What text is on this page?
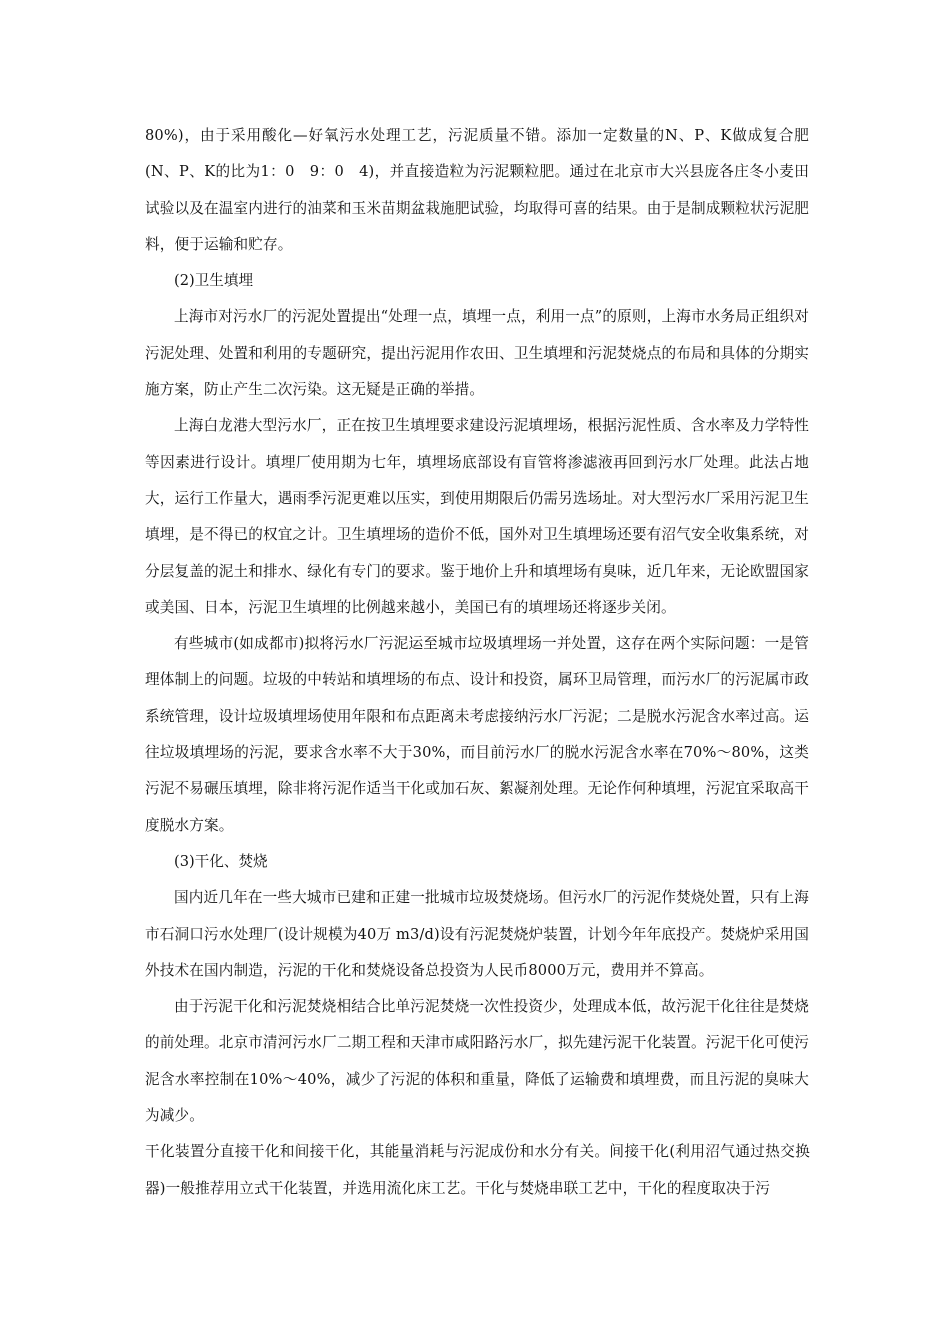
80%)，由于采用酸化—好氧污水处理工艺，污泥质量不错。添加一定数量的N、P、K做成复合肥(N、P、K的比为1：0　9：0　4)，并直接造粒为污泥颗粒肥。通过在北京市大兴县庞各庄冬小麦田试验以及在温室内进行的油菜和玉米苗期盆栽施肥试验，均取得可喜的结果。由于是制成颗粒状污泥肥料，便于运输和贮存。

(2)卫生填埋

上海市对污水厂的污泥处置提出“处理一点，填埋一点，利用一点”的原则，上海市水务局正组织对污泥处理、处置和利用的专题研究，提出污泥用作农田、卫生填埋和污泥焚烧点的布局和具体的分期实施方案，防止产生二次污染。这无疑是正确的举措。

上海白龙港大型污水厂，正在按卫生填埋要求建设污泥填埋场，根据污泥性质、含水率及力学特性等因素进行设计。填埋厂使用期为七年，填埋场底部设有盲管将渗滤液再回到污水厂处理。此法占地大，运行工作量大，遇雨季污泥更难以压实，到使用期限后仍需另选场址。对大型污水厂采用污泥卫生填埋，是不得已的权宜之计。卫生填埋场的造价不低，国外对卫生填埋场还要有沼气安全收集系统，对分层复盖的泥土和排水、绿化有专门的要求。鉴于地价上升和填埋场有臭味，近几年来，无论欧盟国家或美国、日本，污泥卫生填埋的比例越来越小，美国已有的填埋场还将逐步关闭。

有些城市(如成都市)拟将污水厂污泥运至城市垃圾填埋场一并处置，这存在两个实际问题：一是管理体制上的问题。垃圾的中转站和填埋场的布点、设计和投资，属环卫局管理，而污水厂的污泥属市政系统管理，设计垃圾填埋场使用年限和布点距离未考虑接纳污水厂污泥；二是脱水污泥含水率过高。运往垃圾填埋场的污泥，要求含水率不大于30%，而目前污水厂的脱水污泥含水率在70%～80%，这类污泥不易碾压填埋，除非将污泥作适当干化或加石灰、絮凝剂处理。无论作何种填埋，污泥宜采取高干度脱水方案。

(3)干化、焚烧

国内近几年在一些大城市已建和正建一批城市垃圾焚烧场。但污水厂的污泥作焚烧处置，只有上海市石洞口污水处理厂(设计规模为40万 m3/d)设有污泥焚烧炉装置，计划今年年底投产。焚烧炉采用国外技术在国内制造，污泥的干化和焚烧设备总投资为人民币8000万元，费用并不算高。

由于污泥干化和污泥焚烧相结合比单污泥焚烧一次性投资少，处理成本低，故污泥干化往往是焚烧的前处理。北京市清河污水厂二期工程和天津市咸阳路污水厂，拟先建污泥干化装置。污泥干化可使污泥含水率控制在10%～40%，减少了污泥的体积和重量，降低了运输费和填埋费，而且污泥的臭味大为减少。

干化装置分直接干化和间接干化，其能量消耗与污泥成份和水分有关。间接干化(利用沼气通过热交换器)一般推荐用立式干化装置，并选用流化床工艺。干化与焚烧串联工艺中，干化的程度取决于污
